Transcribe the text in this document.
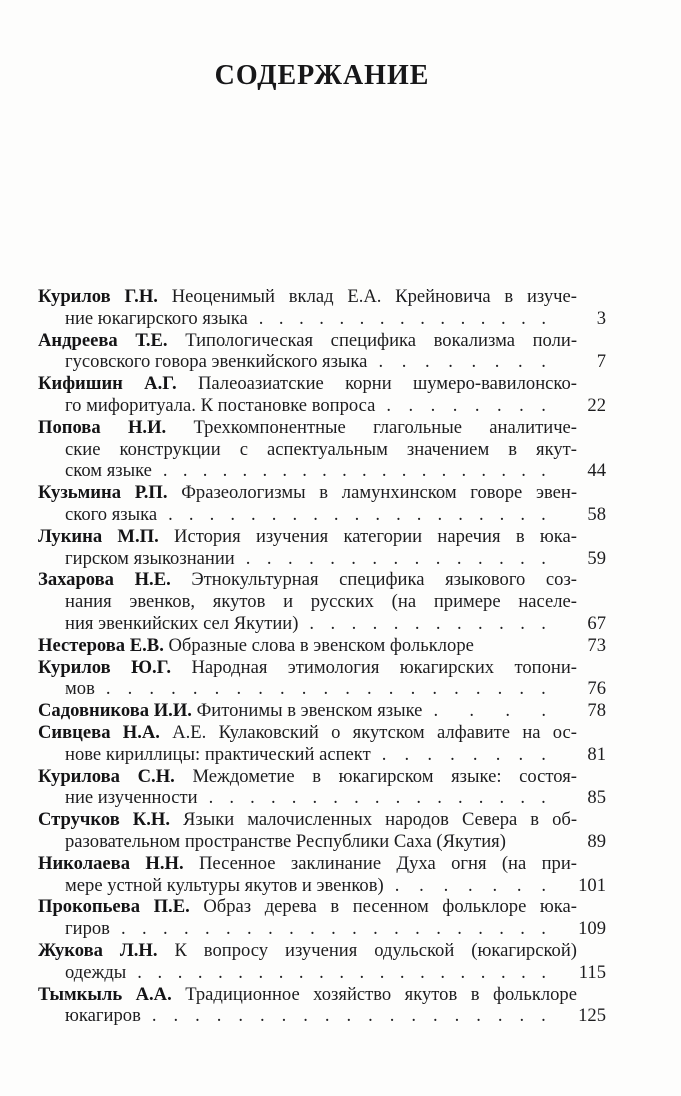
СОДЕРЖАНИЕ
Курилов Г.Н. Неоценимый вклад Е.А. Крейновича в изуче-
ние юкагирского языка . . . . . . . . . . . . . . .	3
Андреева Т.Е. Типологическая специфика вокализма поли-
гусовского говора эвенкийского языка . . . . . . . .	7
Кифишин А.Г. Палеоазиатские корни шумеро-вавилонско-
го мифоритуала. К постановке вопроса . . . . . . . .	22
Попова Н.И. Трехкомпонентные глагольные аналитиче-
ские конструкции с аспектуальным значением в якут-
ском языке . . . . . . . . . . . . . . . . . . . .	44
Кузьмина Р.П. Фразеологизмы в ламунхинском говоре эвен-
ского языка . . . . . . . . . . . . . . . . . . .	58
Лукина М.П. История изучения категории наречия в юка-
гирском языкознании . . . . . . . . . . . . . . .	59
Захарова Н.Е. Этнокультурная специфика языкового соз-
нания эвенков, якутов и русских (на примере населе-
ния эвенкийских сел Якутии) . . . . . . . . . . . .	67
Нестерова Е.В. Образные слова в эвенском фольклоре	73
Курилов Ю.Г. Народная этимология юкагирских топони-
мов . . . . . . . . . . . . . . . . . . . . .	76
Садовникова И.И. Фитонимы в эвенском языке . . . .	78
Сивцева Н.А. А.Е. Кулаковский о якутском алфавите на ос-
нове кириллицы: практический аспект . . . . . . . .	81
Курилова С.Н. Междометие в юкагирском языке: состоя-
ние изученности . . . . . . . . . . . . . . . . .	85
Стручков К.Н. Языки малочисленных народов Севера в об-
разовательном пространстве Республики Саха (Якутия)	89
Николаева Н.Н. Песенное заклинание Духа огня (на при-
мере устной культуры якутов и эвенков) . . . . . . .	101
Прокопьева П.Е. Образ дерева в песенном фольклоре юка-
гиров . . . . . . . . . . . . . . . . . . . . .	109
Жукова Л.Н. К вопросу изучения одульской (юкагирской)
одежды . . . . . . . . . . . . . . . . . . . . .	115
Тымкыль А.А. Традиционное хозяйство якутов в фольклоре
юкагиров . . . . . . . . . . . . . . . . . . .	125
